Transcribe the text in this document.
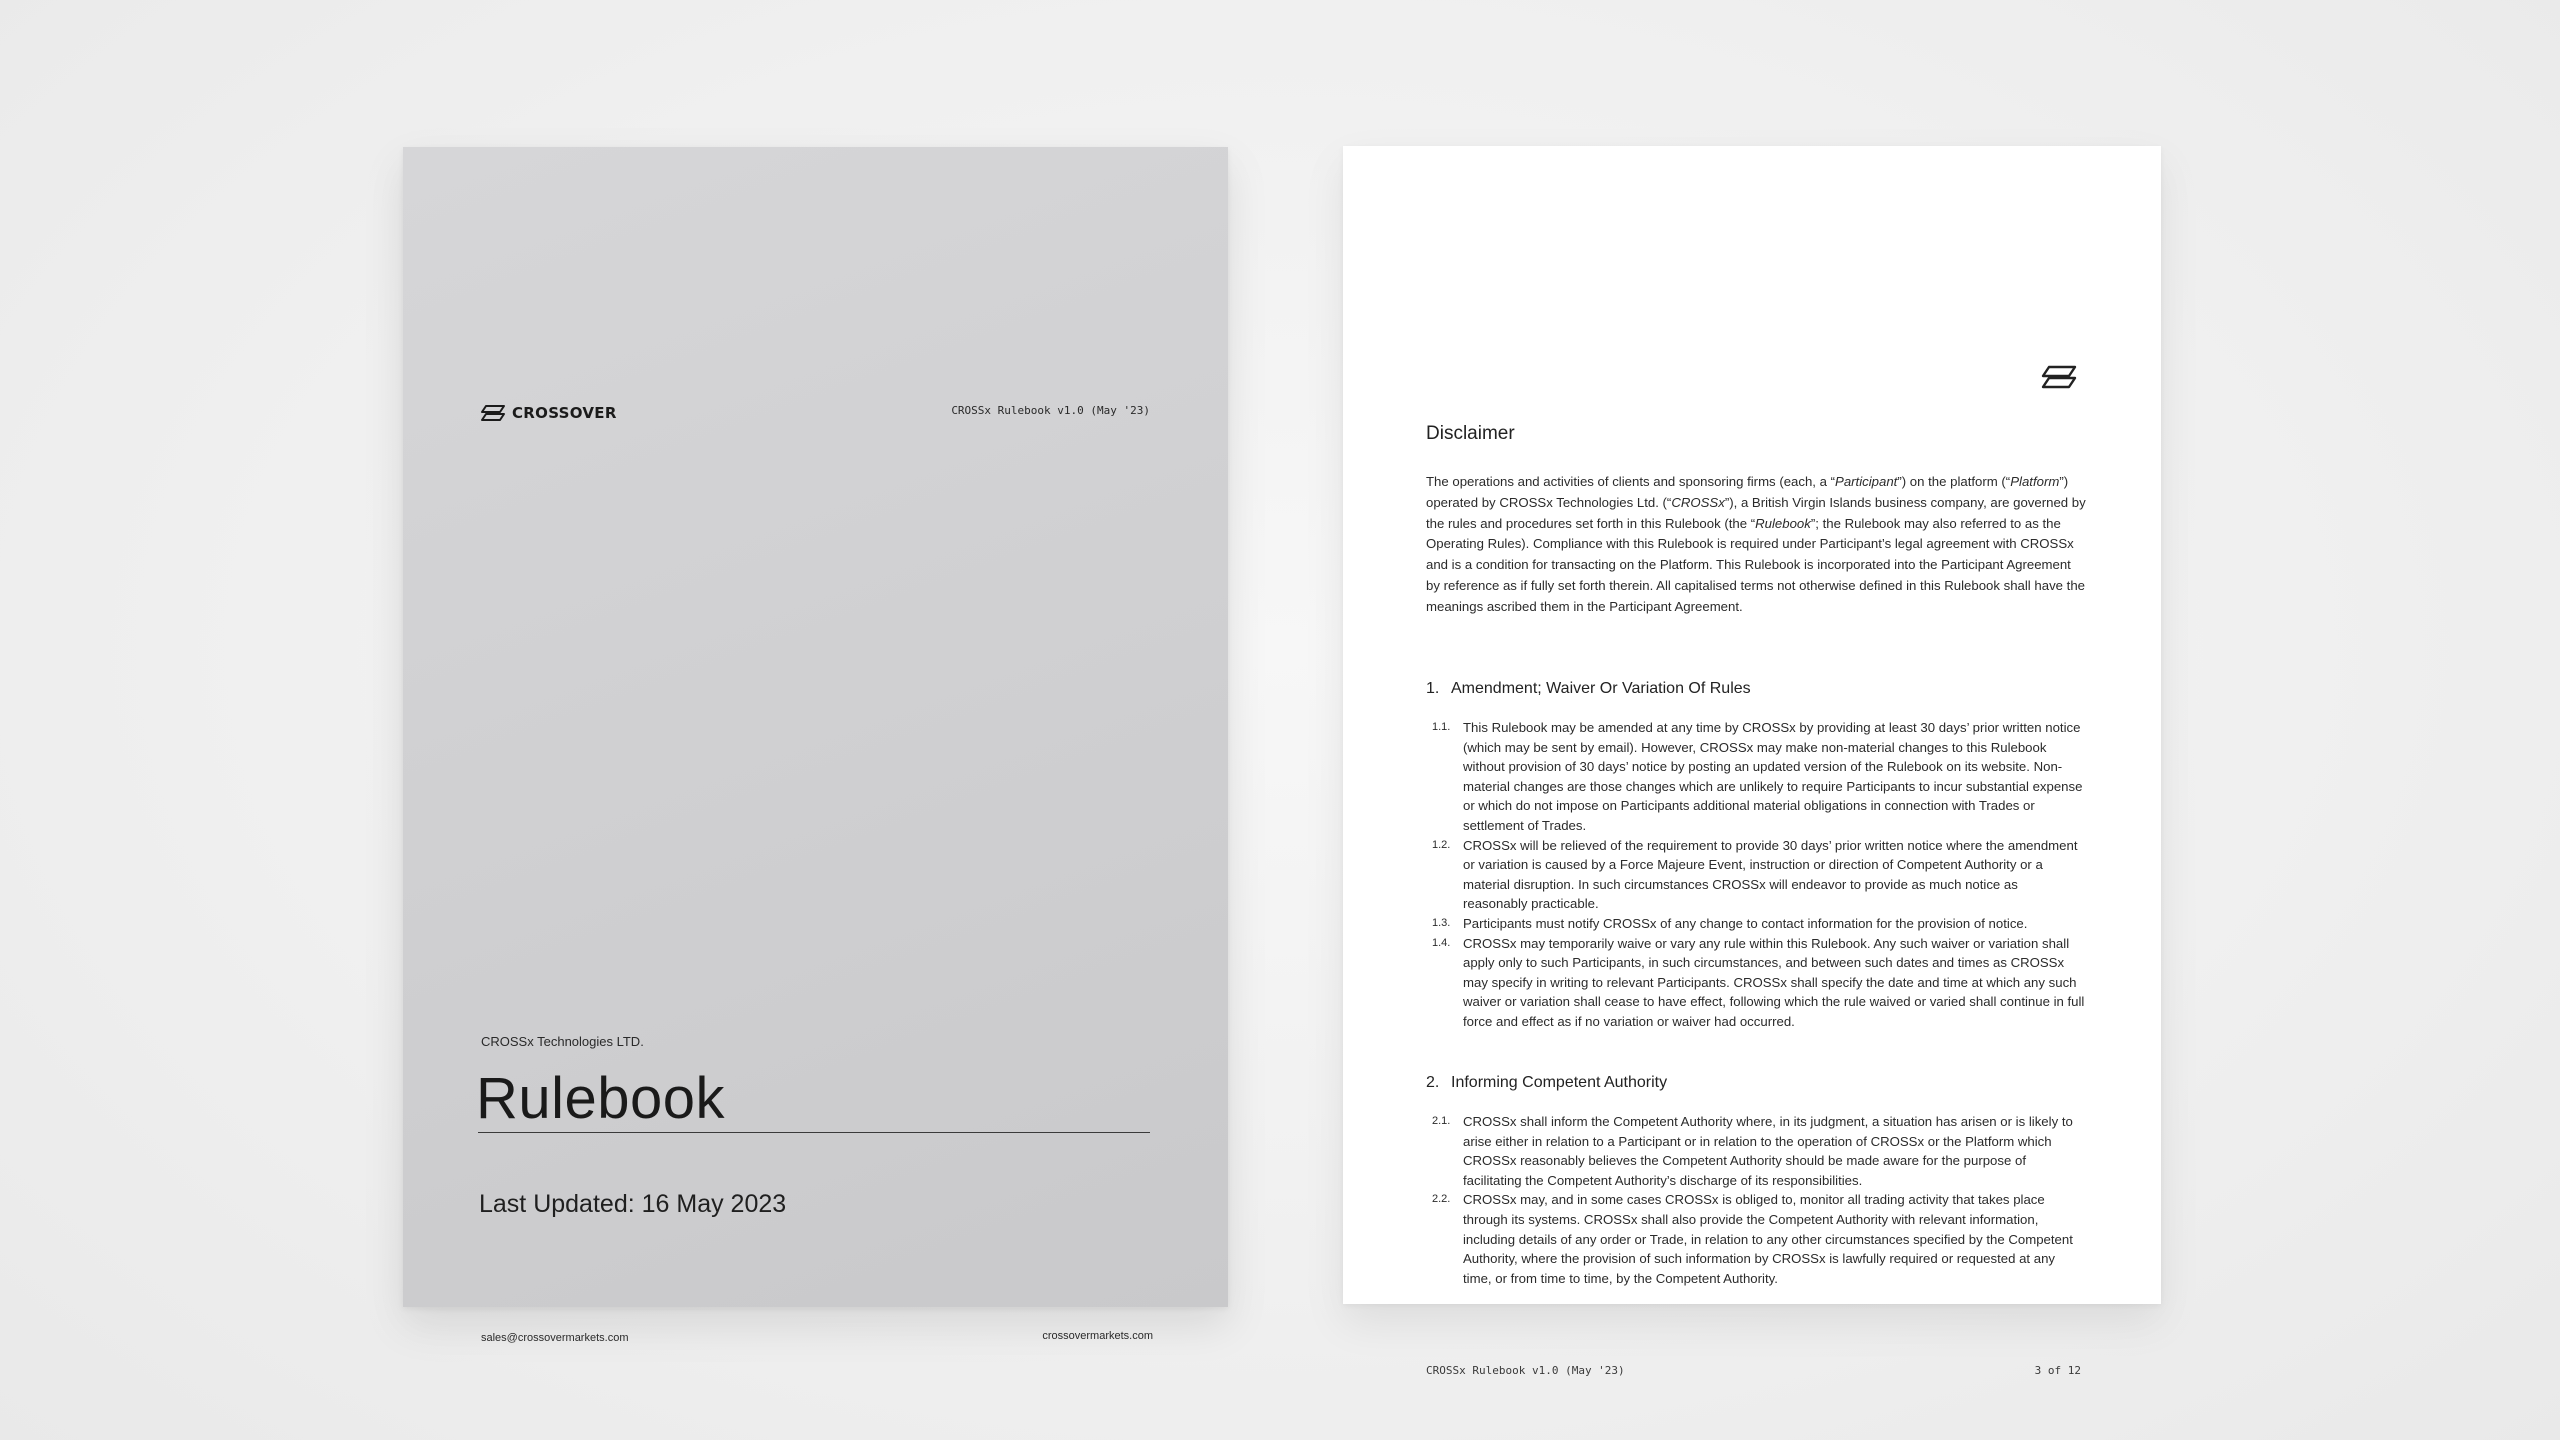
CROSSOVER	CROSSx Rulebook v1.0 (May '23)
CROSSx Technologies LTD.
Rulebook
Last Updated: 16 May 2023
sales@crossovermarkets.com	crossovermarkets.com
Disclaimer

The operations and activities of clients and sponsoring firms (each, a “Participant”) on the platform (“Platform”) operated by CROSSx Technologies Ltd. (“CROSSx”), a British Virgin Islands business company, are governed by the rules and procedures set forth in this Rulebook (the “Rulebook”; the Rulebook may also referred to as the Operating Rules). Compliance with this Rulebook is required under Participant’s legal agreement with CROSSx and is a condition for transacting on the Platform. This Rulebook is incorporated into the Participant Agreement by reference as if fully set forth therein. All capitalised terms not otherwise defined in this Rulebook shall have the meanings ascribed them in the Participant Agreement.

1. Amendment; Waiver Or Variation Of Rules
1.1. This Rulebook may be amended at any time by CROSSx by providing at least 30 days’ prior written notice (which may be sent by email). However, CROSSx may make non-material changes to this Rulebook without provision of 30 days’ notice by posting an updated version of the Rulebook on its website. Non-material changes are those changes which are unlikely to require Participants to incur substantial expense or which do not impose on Participants additional material obligations in connection with Trades or settlement of Trades.
1.2. CROSSx will be relieved of the requirement to provide 30 days’ prior written notice where the amendment or variation is caused by a Force Majeure Event, instruction or direction of Competent Authority or a material disruption. In such circumstances CROSSx will endeavor to provide as much notice as reasonably practicable.
1.3. Participants must notify CROSSx of any change to contact information for the provision of notice.
1.4. CROSSx may temporarily waive or vary any rule within this Rulebook. Any such waiver or variation shall apply only to such Participants, in such circumstances, and between such dates and times as CROSSx may specify in writing to relevant Participants. CROSSx shall specify the date and time at which any such waiver or variation shall cease to have effect, following which the rule waived or varied shall continue in full force and effect as if no variation or waiver had occurred.
2. Informing Competent Authority
2.1. CROSSx shall inform the Competent Authority where, in its judgment, a situation has arisen or is likely to arise either in relation to a Participant or in relation to the operation of CROSSx or the Platform which CROSSx reasonably believes the Competent Authority should be made aware for the purpose of facilitating the Competent Authority’s discharge of its responsibilities.
2.2. CROSSx may, and in some cases CROSSx is obliged to, monitor all trading activity that takes place through its systems. CROSSx shall also provide the Competent Authority with relevant information, including details of any order or Trade, in relation to any other circumstances specified by the Competent Authority, where the provision of such information by CROSSx is lawfully required or requested at any time, or from time to time, by the Competent Authority.
CROSSx Rulebook v1.0 (May '23)	3 of 12
